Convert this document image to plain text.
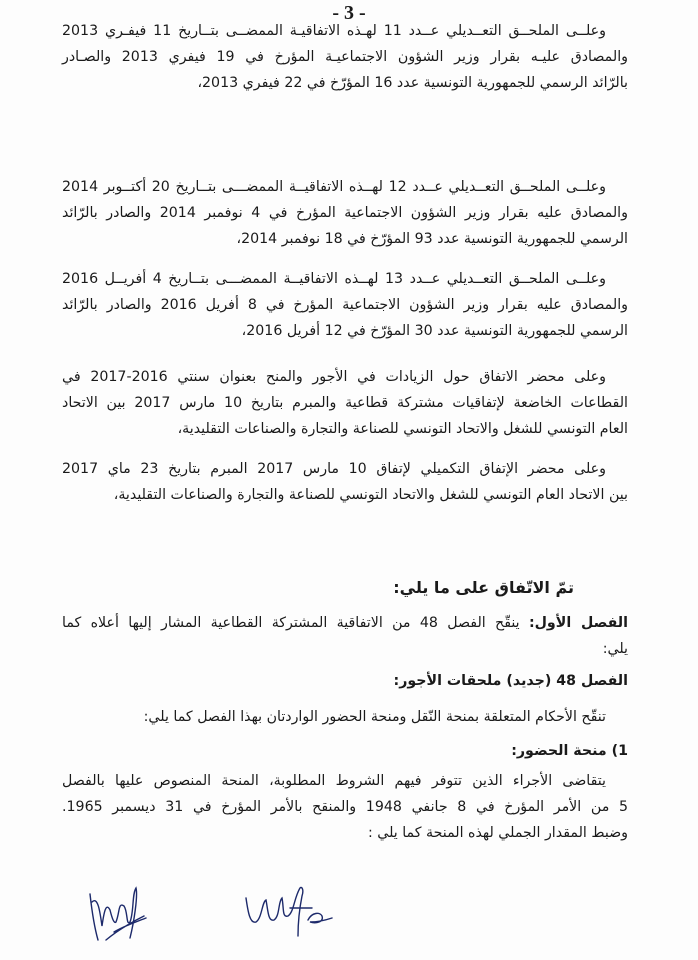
- 3 -
وعلــى الملحــق التعــديلي عــدد 11 لهـذه الاتفاقيـة الممضــى بتــاريخ 11 فيفـري 2013
والمصادق عليـه بقرار وزير الشؤون الاجتماعيـة المؤرخ في 19 فيفري 2013 والصـادر
بالرّائد الرسمي للجمهورية التونسية عدد 16 المؤرّخ في 22 فيفري 2013،
وعلــى الملحــق التعــديلي عــدد 12 لهــذه الاتفاقيــة الممضـــى بتــاريخ 20 أكتــوبر 2014
والمصادق عليه بقرار وزير الشؤون الاجتماعية المؤرخ في 4 نوفمبر 2014 والصادر بالرّائد
الرسمي للجمهورية التونسية عدد 93 المؤرّخ في 18 نوفمبر 2014،
وعلــى الملحــق التعــديلي عــدد 13 لهــذه الاتفاقيــة الممضـــى بتــاريخ 4 أفريــل 2016
والمصادق عليه بقرار وزير الشؤون الاجتماعية المؤرخ في 8 أفريل 2016 والصادر بالرّائد
الرسمي للجمهورية التونسية عدد 30 المؤرّخ في 12 أفريل 2016،
وعلى محضر الاتفاق حول الزيادات في الأجور والمنح بعنوان سنتي 2016-2017 في
القطاعات الخاضعة لإتفاقيات مشتركة قطاعية والمبرم بتاريخ 10 مارس 2017 بين الاتحاد
العام التونسي للشغل والاتحاد التونسي للصناعة والتجارة والصناعات التقليدية،
وعلى محضر الإتفاق التكميلي لإتفاق 10 مارس 2017 المبرم بتاريخ 23 ماي 2017
بين الاتحاد العام التونسي للشغل والاتحاد التونسي للصناعة والتجارة والصناعات التقليدية،
تمّ الاتّفاق على ما يلي:
الفصل الأول: ينقّح الفصل 48 من الاتفاقية المشتركة القطاعية المشار إليها أعلاه كما
يلي:
الفصل 48 (جديد) ملحقات الأجور:
تنقّح الأحكام المتعلقة بمنحة النّقل ومنحة الحضور الواردتان بهذا الفصل كما يلي:
1) منحة الحضور:
يتقاضى الأجراء الذين تتوفر فيهم الشروط المطلوبة، المنحة المنصوص عليها بالفصل
5 من الأمر المؤرخ في 8 جانفي 1948 والمنقح بالأمر المؤرخ في 31 ديسمبر 1965.
وضبط المقدار الجملي لهذه المنحة كما يلي :
